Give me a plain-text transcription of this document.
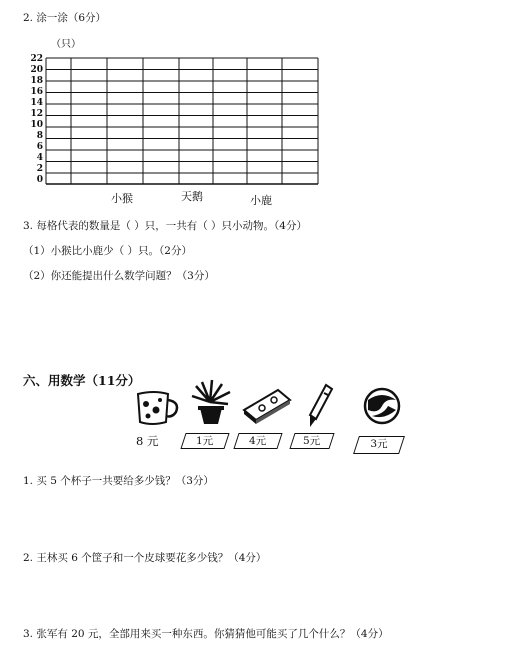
2. 涂一涂（6分）
（只）
22
20
18
16
14
12
10
8
6
4
2
0
小猴	天鹅	小鹿
3. 每格代表的数量是（ ）只，一共有（ ）只小动物。（4分）
（1）小猴比小鹿少（ ）只。（2分）
（2）你还能提出什么数学问题？（3分）
六、用数学（11分）
8 元	1元	4元	5元	3元
1. 买 5 个杯子一共要给多少钱？（3分）
2. 王林买 6 个筐子和一个皮球要花多少钱？（4分）
3. 张军有 20 元，全部用来买一种东西。你猜猜他可能买了几个什么？（4分）
